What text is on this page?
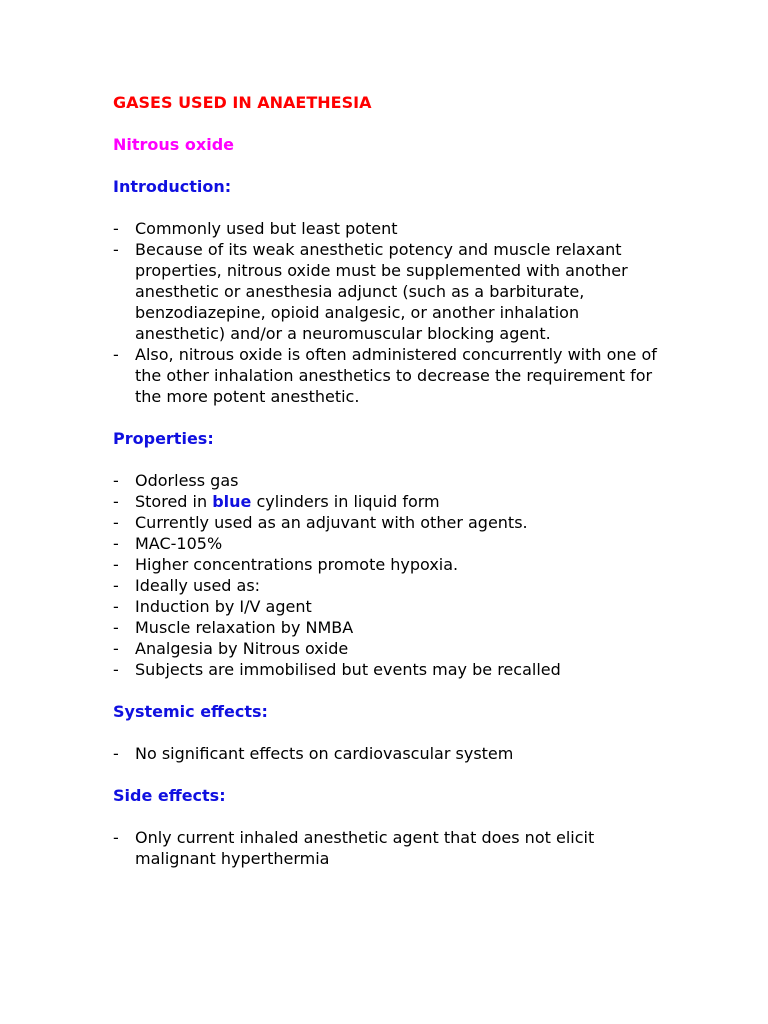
GASES USED IN ANAETHESIA
Nitrous oxide
Introduction:
- Commonly used but least potent
- Because of its weak anesthetic potency and muscle relaxant properties, nitrous oxide must be supplemented with another anesthetic or anesthesia adjunct (such as a barbiturate, benzodiazepine, opioid analgesic, or another inhalation anesthetic) and/or a neuromuscular blocking agent.
- Also, nitrous oxide is often administered concurrently with one of the other inhalation anesthetics to decrease the requirement for the more potent anesthetic.
Properties:
- Odorless gas
- Stored in blue cylinders in liquid form
- Currently used as an adjuvant with other agents.
- MAC-105%
- Higher concentrations promote hypoxia.
- Ideally used as:
- Induction by I/V agent
- Muscle relaxation by NMBA
- Analgesia by Nitrous oxide
- Subjects are immobilised but events may be recalled
Systemic effects:
- No significant effects on cardiovascular system
Side effects:
- Only current inhaled anesthetic agent that does not elicit malignant hyperthermia
